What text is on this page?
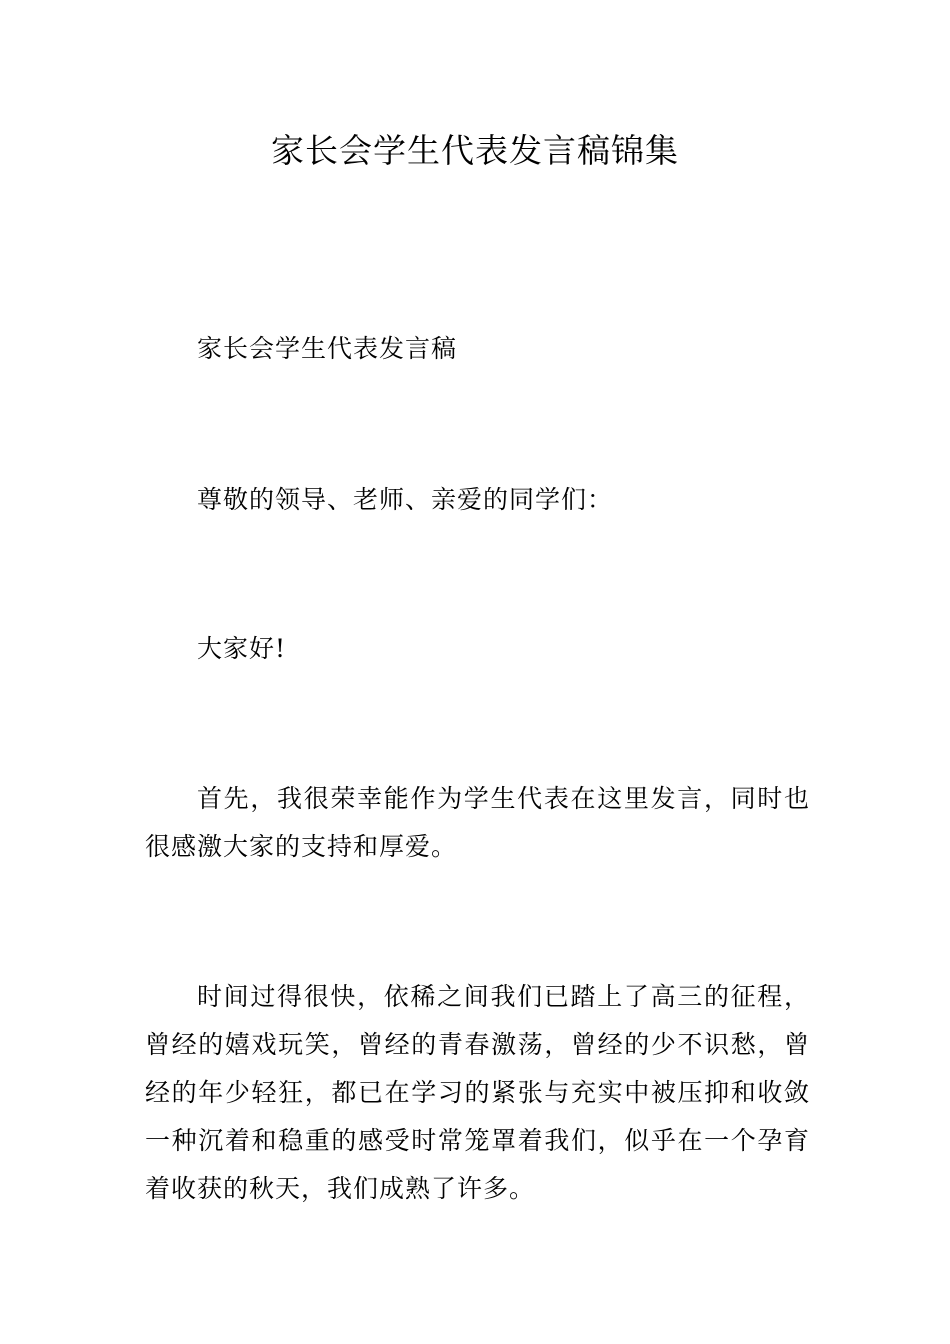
家长会学生代表发言稿锦集

家长会学生代表发言稿

尊敬的领导、老师、亲爱的同学们：

大家好!

首先，我很荣幸能作为学生代表在这里发言，同时也很感激大家的支持和厚爱。

时间过得很快，依稀之间我们已踏上了高三的征程，曾经的嬉戏玩笑，曾经的青春激荡，曾经的少不识愁，曾经的年少轻狂，都已在学习的紧张与充实中被压抑和收敛一种沉着和稳重的感受时常笼罩着我们，似乎在一个孕育着收获的秋天，我们成熟了许多。
